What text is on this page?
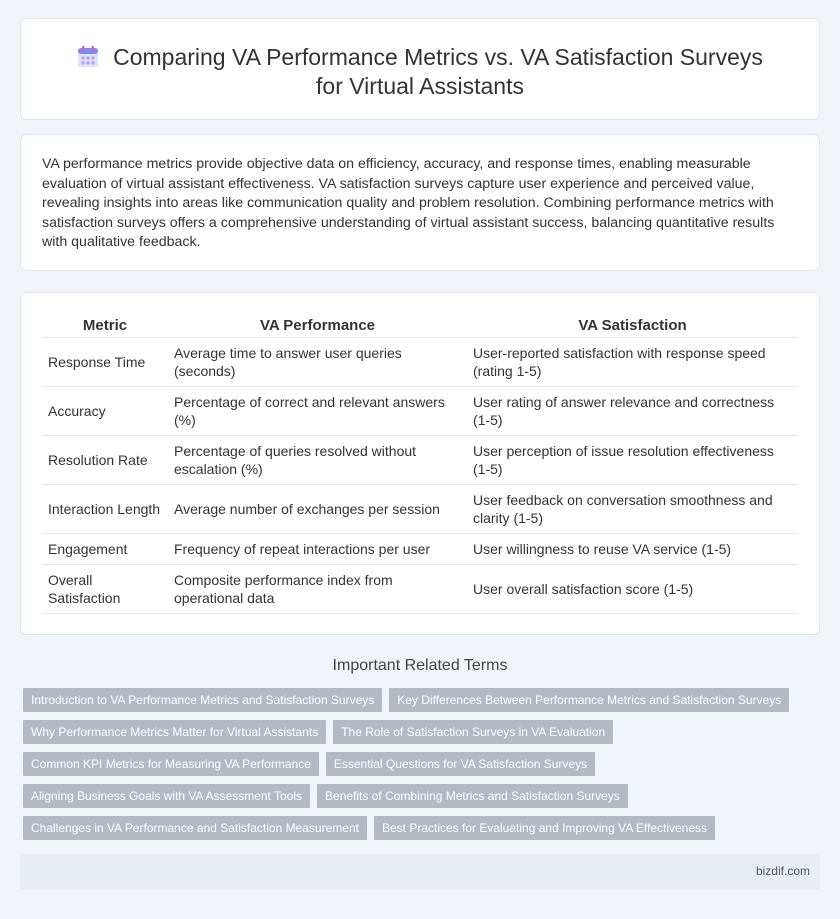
Comparing VA Performance Metrics vs. VA Satisfaction Surveys
for Virtual Assistants

VA performance metrics provide objective data on efficiency, accuracy, and response times, enabling measurable evaluation of virtual assistant effectiveness. VA satisfaction surveys capture user experience and perceived value, revealing insights into areas like communication quality and problem resolution. Combining performance metrics with satisfaction surveys offers a comprehensive understanding of virtual assistant success, balancing quantitative results with qualitative feedback.

Metric	VA Performance	VA Satisfaction
Response Time	Average time to answer user queries (seconds)	User-reported satisfaction with response speed (rating 1-5)
Accuracy	Percentage of correct and relevant answers (%)	User rating of answer relevance and correctness (1-5)
Resolution Rate	Percentage of queries resolved without escalation (%)	User perception of issue resolution effectiveness (1-5)
Interaction Length	Average number of exchanges per session	User feedback on conversation smoothness and clarity (1-5)
Engagement	Frequency of repeat interactions per user	User willingness to reuse VA service (1-5)
Overall Satisfaction	Composite performance index from operational data	User overall satisfaction score (1-5)
Important Related Terms
Introduction to VA Performance Metrics and Satisfaction Surveys	Key Differences Between Performance Metrics and Satisfaction Surveys
Why Performance Metrics Matter for Virtual Assistants	The Role of Satisfaction Surveys in VA Evaluation
Common KPI Metrics for Measuring VA Performance	Essential Questions for VA Satisfaction Surveys
Aligning Business Goals with VA Assessment Tools	Benefits of Combining Metrics and Satisfaction Surveys
Challenges in VA Performance and Satisfaction Measurement	Best Practices for Evaluating and Improving VA Effectiveness
bizdif.com
